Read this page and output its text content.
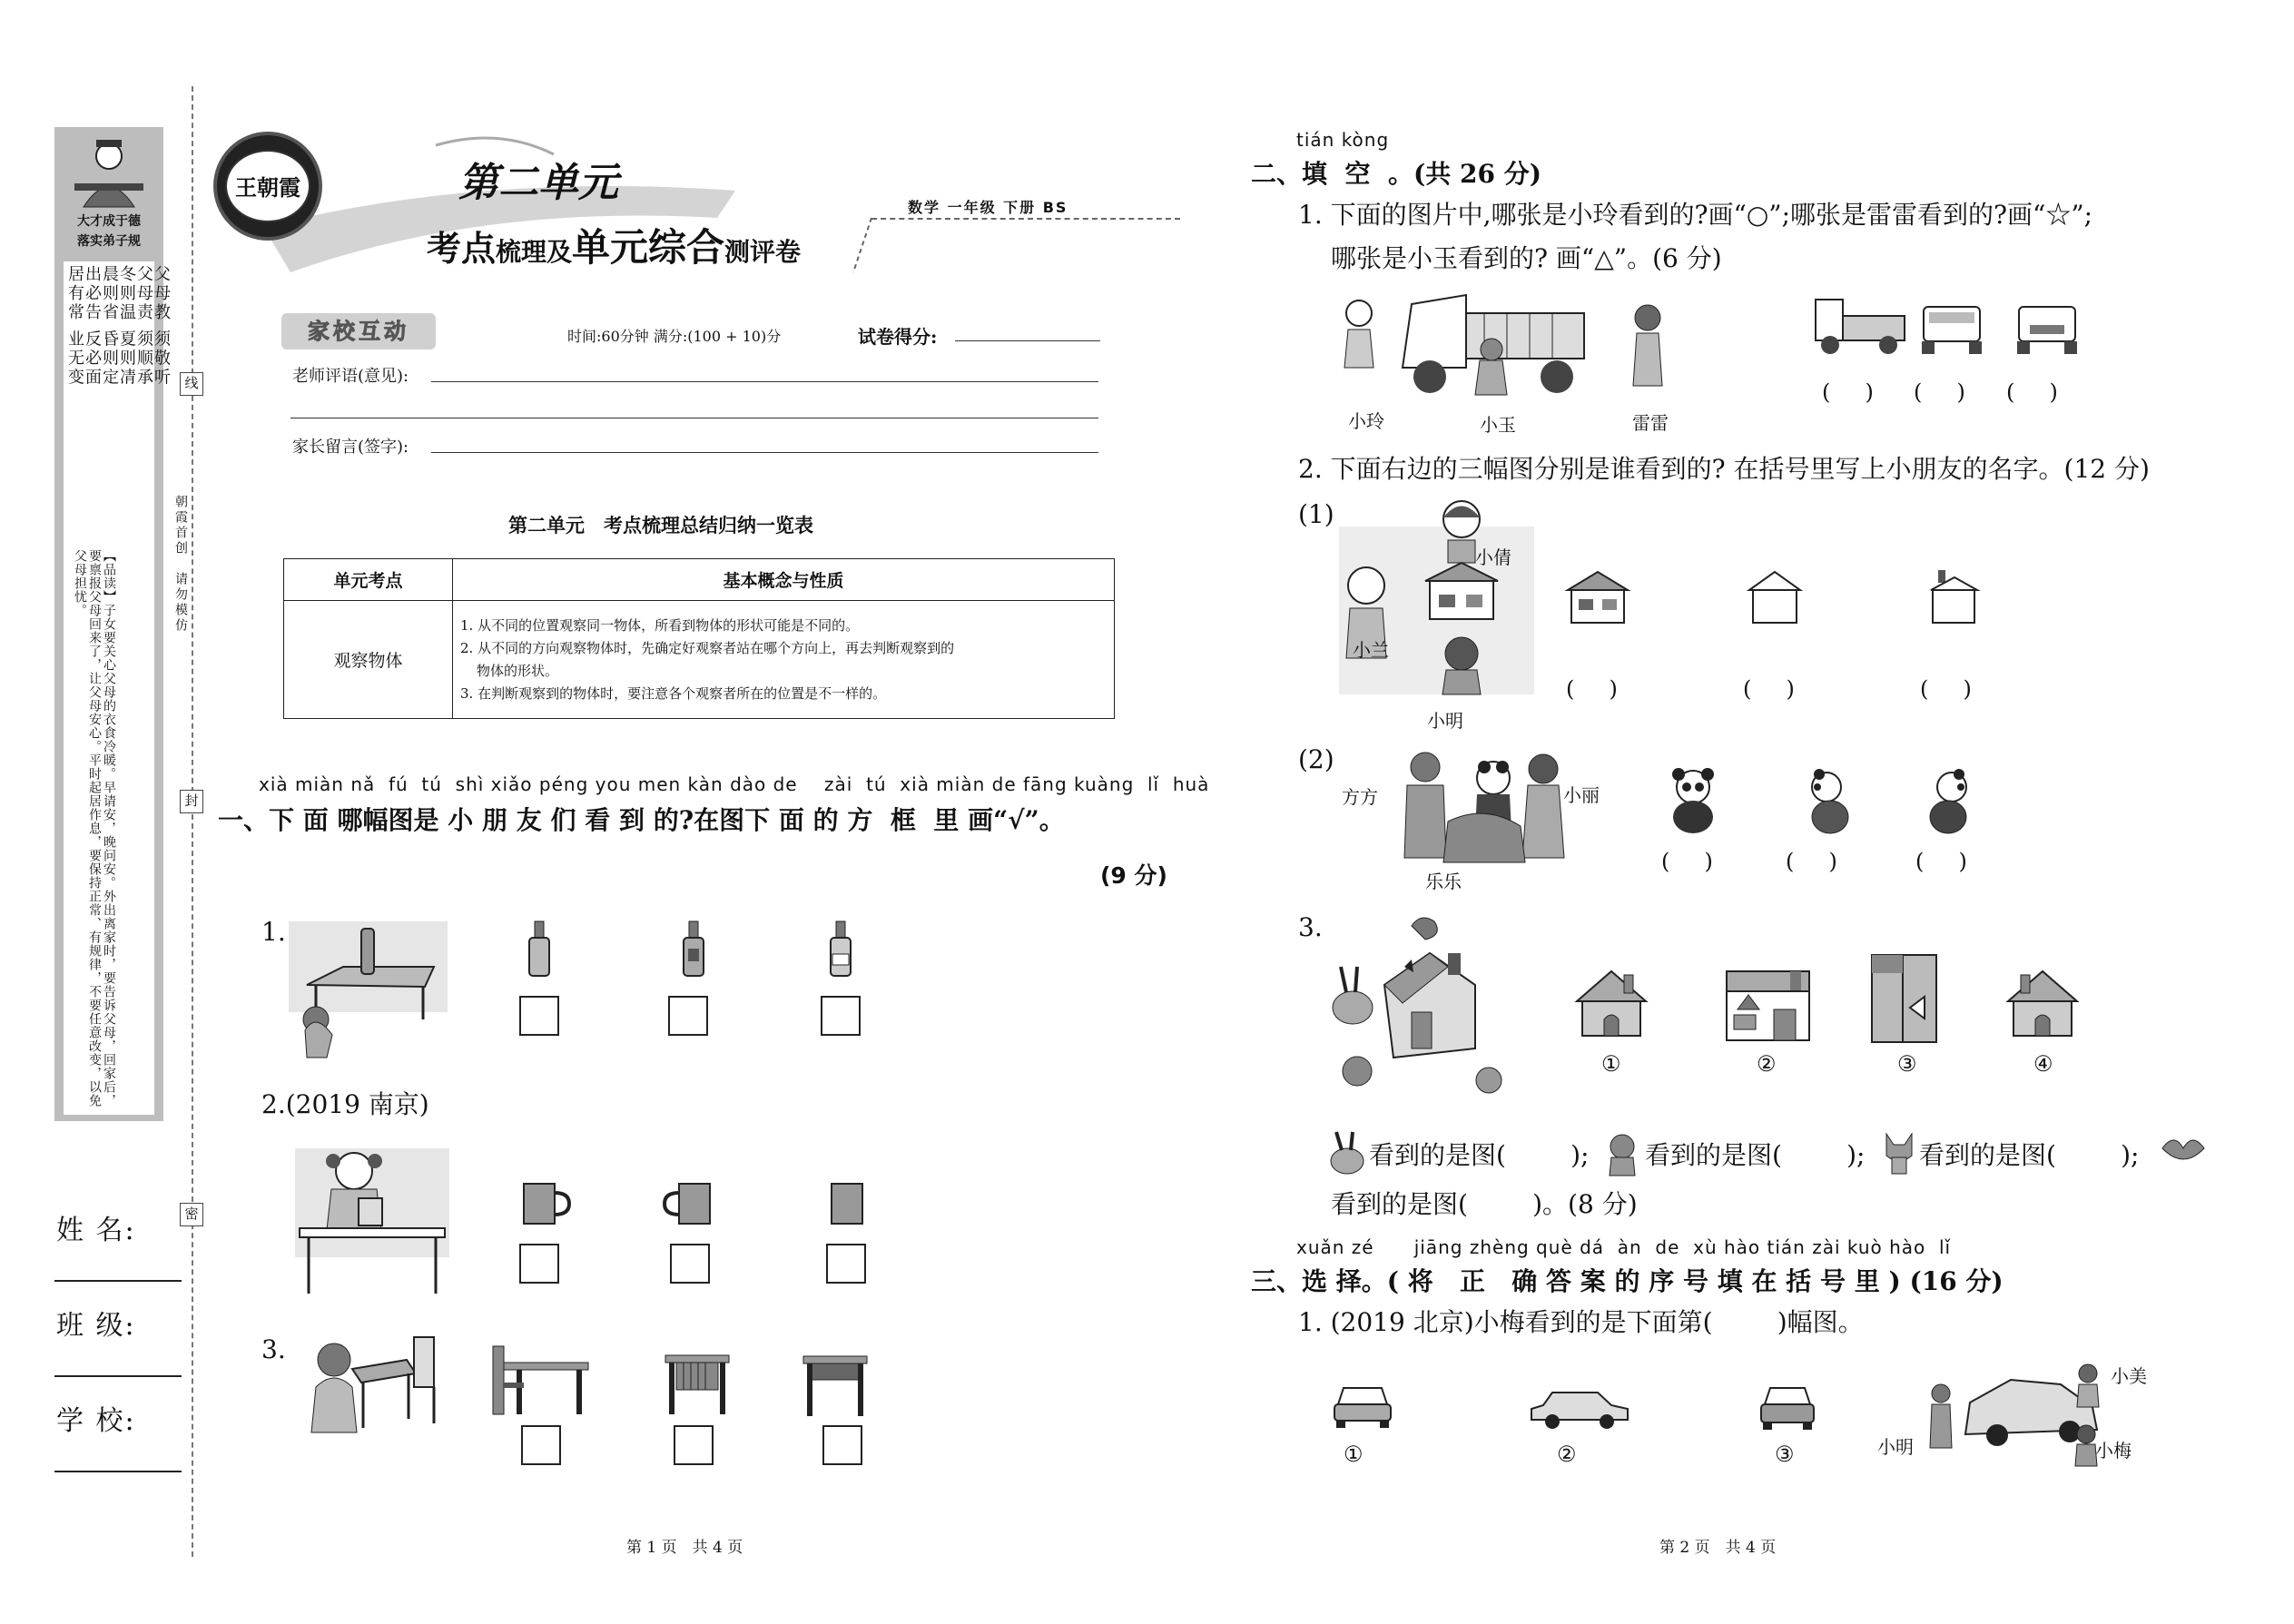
大才成于德
落实弟子规
父母教 须敬听
父母责 须顺承
冬则温 夏则凊
晨则省 昏则定
出必告 反必面
居有常 业无变
【品读】子女要关心父母的衣食冷暖。早请安，晚问安。外出离家时，要告诉父母，回家后，要禀报父母回来了，让父母安心。平时起居作息，要保持正常、有规律，不要任意改变，以免父母担忧。
线
封
密
朝霞首创　请勿模仿
姓 名:
班 级:
学 校:
王朝霞	第二单元
考点梳理及单元综合测评卷
数学 一年级 下册 BS
家校互动	时间:60分钟 满分:(100 + 10)分	试卷得分:
老师评语(意见):
家长留言(签字):
第二单元　考点梳理总结归纳一览表
单元考点	基本概念与性质
观察物体	1. 从不同的位置观察同一物体，所看到物体的形状可能是不同的。
2. 从不同的方向观察物体时，先确定好观察者站在哪个方向上，再去判断观察到的
物体的形状。
3. 在判断观察到的物体时，要注意各个观察者所在的位置是不一样的。
xià miàn nǎ  fú  tú  shì xiǎo péng you men kàn dào de    zài  tú  xià miàn de fāng kuàng  lǐ  huà
一、下 面 哪幅图是 小 朋 友 们 看 到 的?在图下 面 的 方  框  里 画“√”。
(9 分)
1.
2.(2019 南京)
3.
第 1 页　共 4 页
tián kòng
二、填  空  。(共 26 分)
1. 下面的图片中,哪张是小玲看到的?画“○”;哪张是雷雷看到的?画“☆”;
哪张是小玉看到的? 画“△”。(6 分)
小玲	小玉	雷雷
(     ) (     ) (     )
2. 下面右边的三幅图分别是谁看到的? 在括号里写上小朋友的名字。(12 分)
(1)
小倩
小兰
小明
(     )	(     )	(     )
(2)
方方	小丽
乐乐
(     )	(     )	(     )
3.
①	②	③	④
看到的是图(        ); 看到的是图(        ); 看到的是图(        );
看到的是图(        )。(8 分)
xuǎn zé      jiāng zhèng què dá  àn  de  xù hào tián zài kuò hào  lǐ
三、选 择。( 将   正   确 答 案 的 序 号 填 在 括 号 里 ) (16 分)
1. (2019 北京)小梅看到的是下面第(        )幅图。
①	②	③
小美
小明	小梅
第 2 页　共 4 页
